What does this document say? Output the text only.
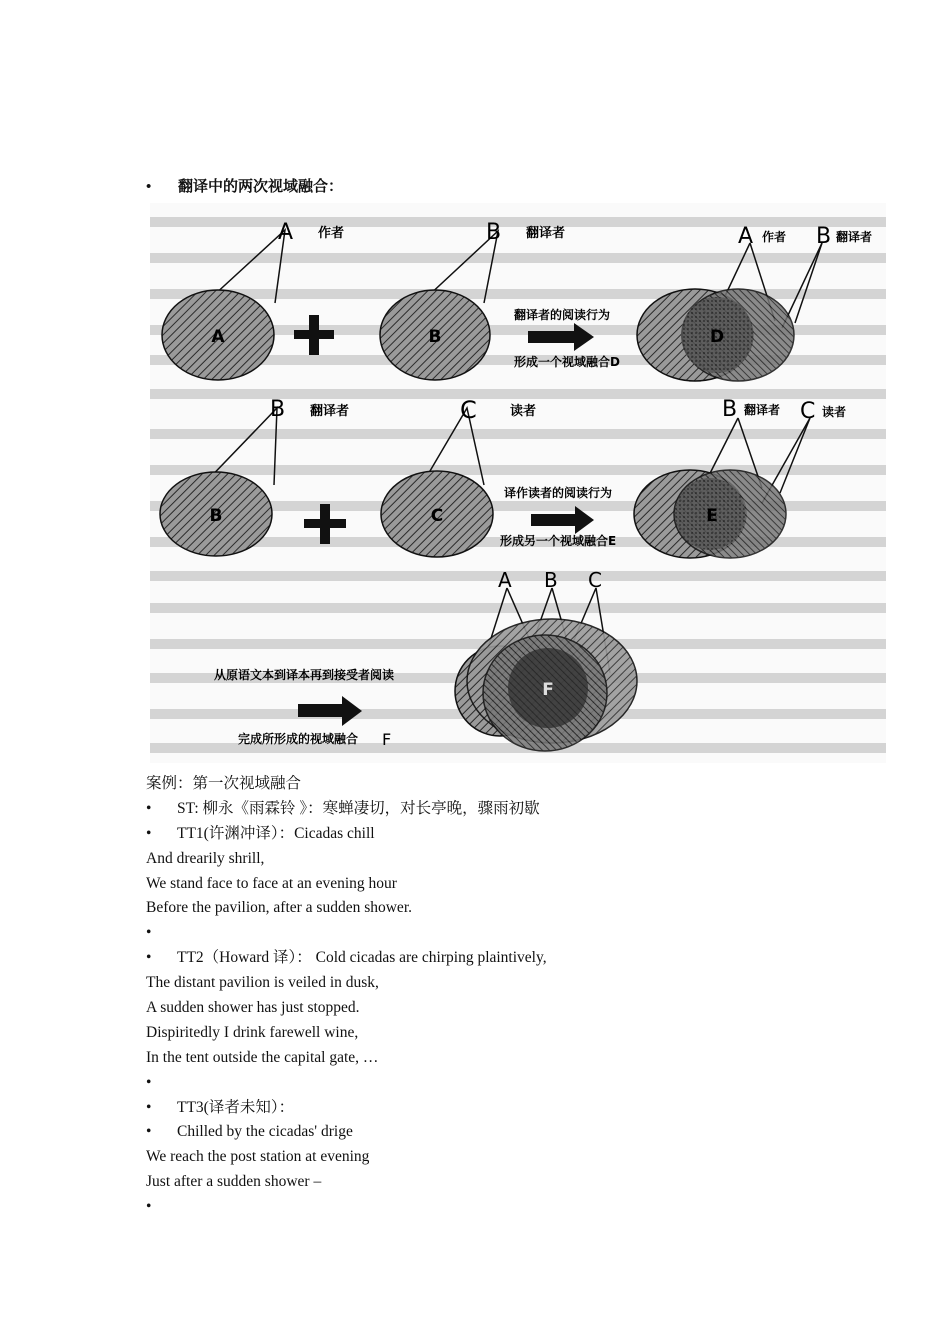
• 翻译中的两次视域融合：
A
A 作者
B
B 翻译者
翻译者的阅读行为
形成一个视域融合D
D
A 作者 B 翻译者
B
B 翻译者
C
C	读者
译作读者的阅读行为
形成另一个视域融合E
E
B 翻译者 C 读者
从原语文本到译本再到接受者阅读
完成所形成的视域融合 F
F
A B C
案例：第一次视域融合
• ST: 柳永《雨霖铃 》：寒蝉凄切，对长亭晚，骤雨初歇
• TT1(许渊冲译）：Cicadas chill
And drearily shrill,
We stand face to face at an evening hour
Before the pavilion, after a sudden shower.
•
• TT2（Howard 译）： Cold cicadas are chirping plaintively,
The distant pavilion is veiled in dusk,
A sudden shower has just stopped.
Dispiritedly I drink farewell wine,
In the tent outside the capital gate, …
•
• TT3(译者未知）：
• Chilled by the cicadas' drige
We reach the post station at evening
Just after a sudden shower –
•
